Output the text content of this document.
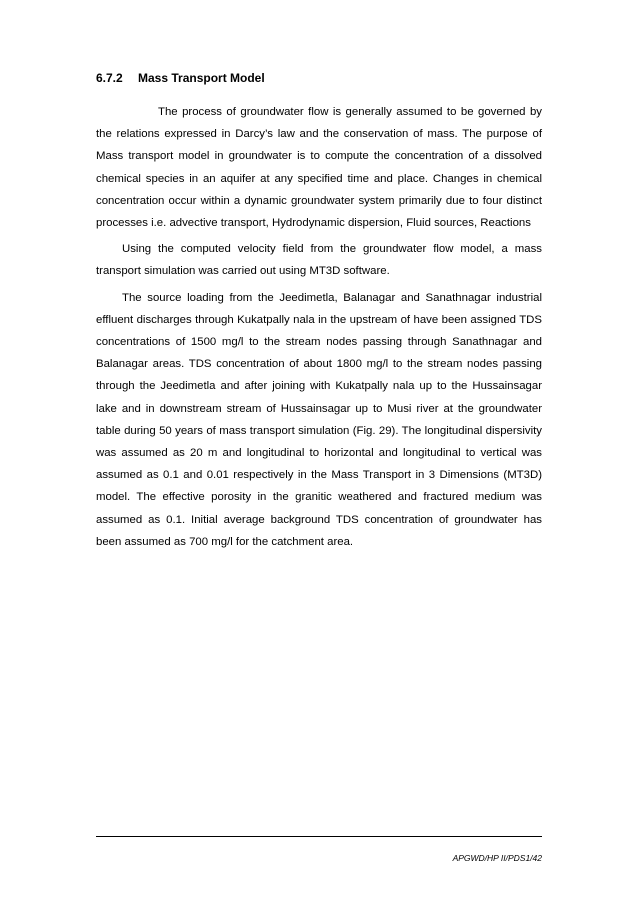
6.7.2 Mass Transport Model

The process of groundwater flow is generally assumed to be governed by the relations expressed in Darcy’s law and the conservation of mass. The purpose of Mass transport model in groundwater is to compute the concentration of a dissolved chemical species in an aquifer at any specified time and place. Changes in chemical concentration occur within a dynamic groundwater system primarily due to four distinct processes i.e. advective transport, Hydrodynamic dispersion, Fluid sources, Reactions

Using the computed velocity field from the groundwater flow model, a mass transport simulation was carried out using MT3D software.

The source loading from the Jeedimetla, Balanagar and Sanathnagar industrial effluent discharges through Kukatpally nala in the upstream of have been assigned TDS concentrations of 1500 mg/l to the stream nodes passing through Sanathnagar and Balanagar areas. TDS concentration of about 1800 mg/l to the stream nodes passing through the Jeedimetla and after joining with Kukatpally nala up to the Hussainsagar lake and in downstream stream of Hussainsagar up to Musi river at the groundwater table during 50 years of mass transport simulation (Fig. 29). The longitudinal dispersivity was assumed as 20 m and longitudinal to horizontal and longitudinal to vertical was assumed as 0.1 and 0.01 respectively in the Mass Transport in 3 Dimensions (MT3D) model. The effective porosity in the granitic weathered and fractured medium was assumed as 0.1. Initial average background TDS concentration of groundwater has been assumed as 700 mg/l for the catchment area.

APGWD/HP II/PDS1/42
